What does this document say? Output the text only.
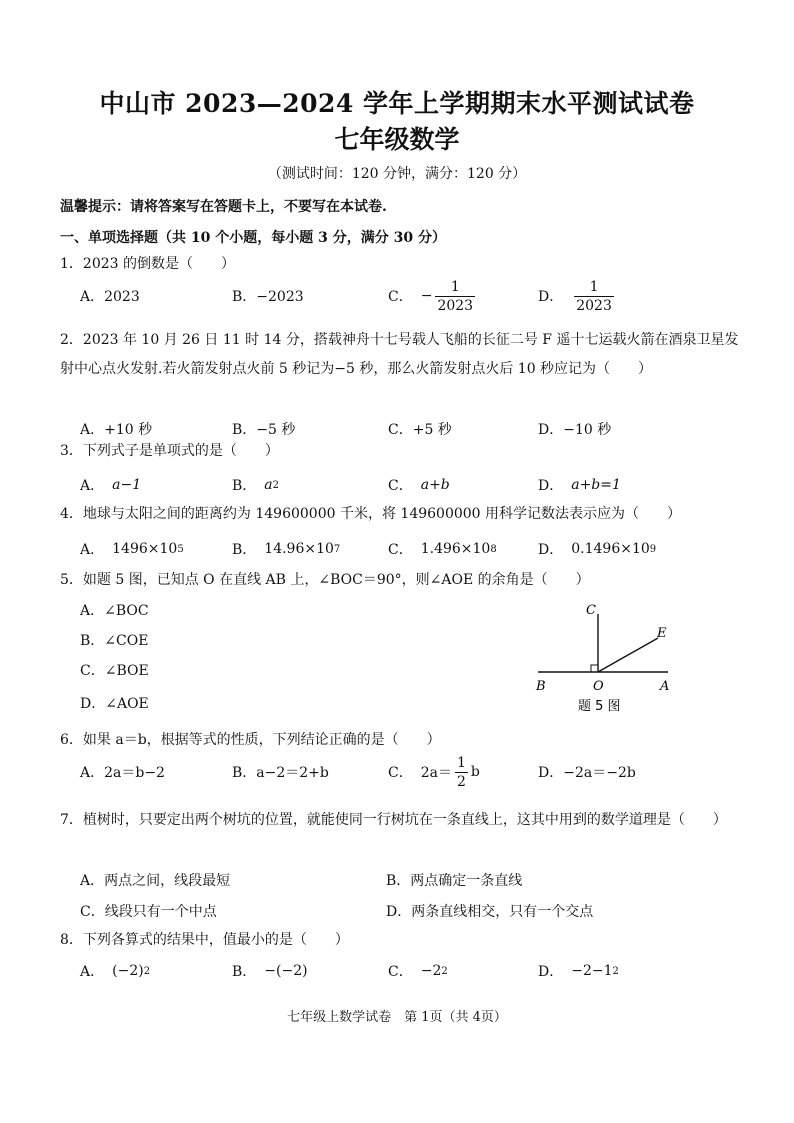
中山市 2023—2024 学年上学期期末水平测试试卷
七年级数学
（测试时间：120 分钟，满分：120 分）
温馨提示：请将答案写在答题卡上，不要写在本试卷.
一、单项选择题（共 10 个小题，每小题 3 分，满分 30 分）
1．2023 的倒数是（　　）
A．2023	B．−2023	C． − $\frac{1}{2023}$	D． $\frac{1}{2023}$
2．2023 年 10 月 26 日 11 时 14 分，搭载神舟十七号载人飞船的长征二号 F 遥十七运载火箭在酒泉卫星发射中心点火发射.若火箭发射点火前 5 秒记为−5 秒，那么火箭发射点火后 10 秒应记为（　　）
A．+10 秒	B．−5 秒	C．+5 秒	D．−10 秒
3．下列式子是单项式的是（　　）
A． a−1	B． a 2	C． a+b	D． a+b=1
4．地球与太阳之间的距离约为 149600000 千米，将 149600000 用科学记数法表示应为（　　）
A． 1496×10 5	B． 14.96×10 7	C． 1.496×10 8	D． 0.1496×10 9
5．如题 5 图，已知点 O 在直线 AB 上，∠BOC＝90°，则∠AOE 的余角是（　　）
A．∠BOC
B．∠COE
C．∠BOE
D．∠AOE
C
E
B	O	A
题 5 图
6．如果 a＝b，根据等式的性质，下列结论正确的是（　　）
A．2a＝b−2	B．a−2＝2+b	C． $2a= \frac{1}{2}$ b	D．−2a＝−2b
7．植树时，只要定出两个树坑的位置，就能使同一行树坑在一条直线上，这其中用到的数学道理是（　　）
A．两点之间，线段最短	B．两点确定一条直线
C．线段只有一个中点	D．两条直线相交，只有一个交点
8．下列各算式的结果中，值最小的是（　　）
A． (−2) 2	B． −(−2)	C． −2 2	D． −2−1 2
七年级上数学试卷　第 1页（共 4页）
